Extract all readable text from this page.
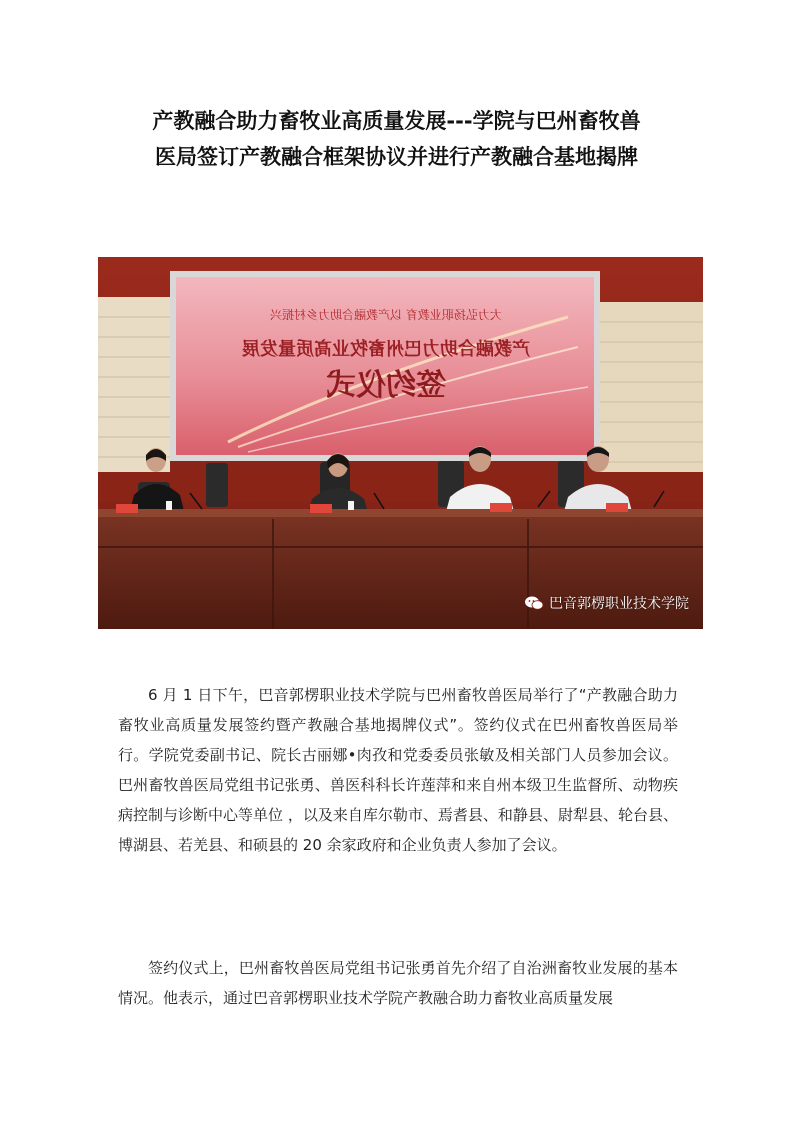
产教融合助力畜牧业高质量发展---学院与巴州畜牧兽
医局签订产教融合框架协议并进行产教融合基地揭牌
大力弘扬职业教育 以产教融合助力乡村振兴
产教融合助力巴州畜牧业高质量发展
签约仪式
巴音郭楞职业技术学院
6 月 1 日下午，巴音郭楞职业技术学院与巴州畜牧兽医局举行了“产教融合助力畜牧业高质量发展签约暨产教融合基地揭牌仪式”。签约仪式在巴州畜牧兽医局举行。学院党委副书记、院长古丽娜•肉孜和党委委员张敏及相关部门人员参加会议。巴州畜牧兽医局党组书记张勇、兽医科科长许莲萍和来自州本级卫生监督所、动物疾病控制与诊断中心等单位 ，以及来自库尔勒市、焉耆县、和静县、尉犁县、轮台县、博湖县、若羌县、和硕县的 20 余家政府和企业负责人参加了会议。
签约仪式上，巴州畜牧兽医局党组书记张勇首先介绍了自治洲畜牧业发展的基本情况。他表示，通过巴音郭楞职业技术学院产教融合助力畜牧业高质量发展
